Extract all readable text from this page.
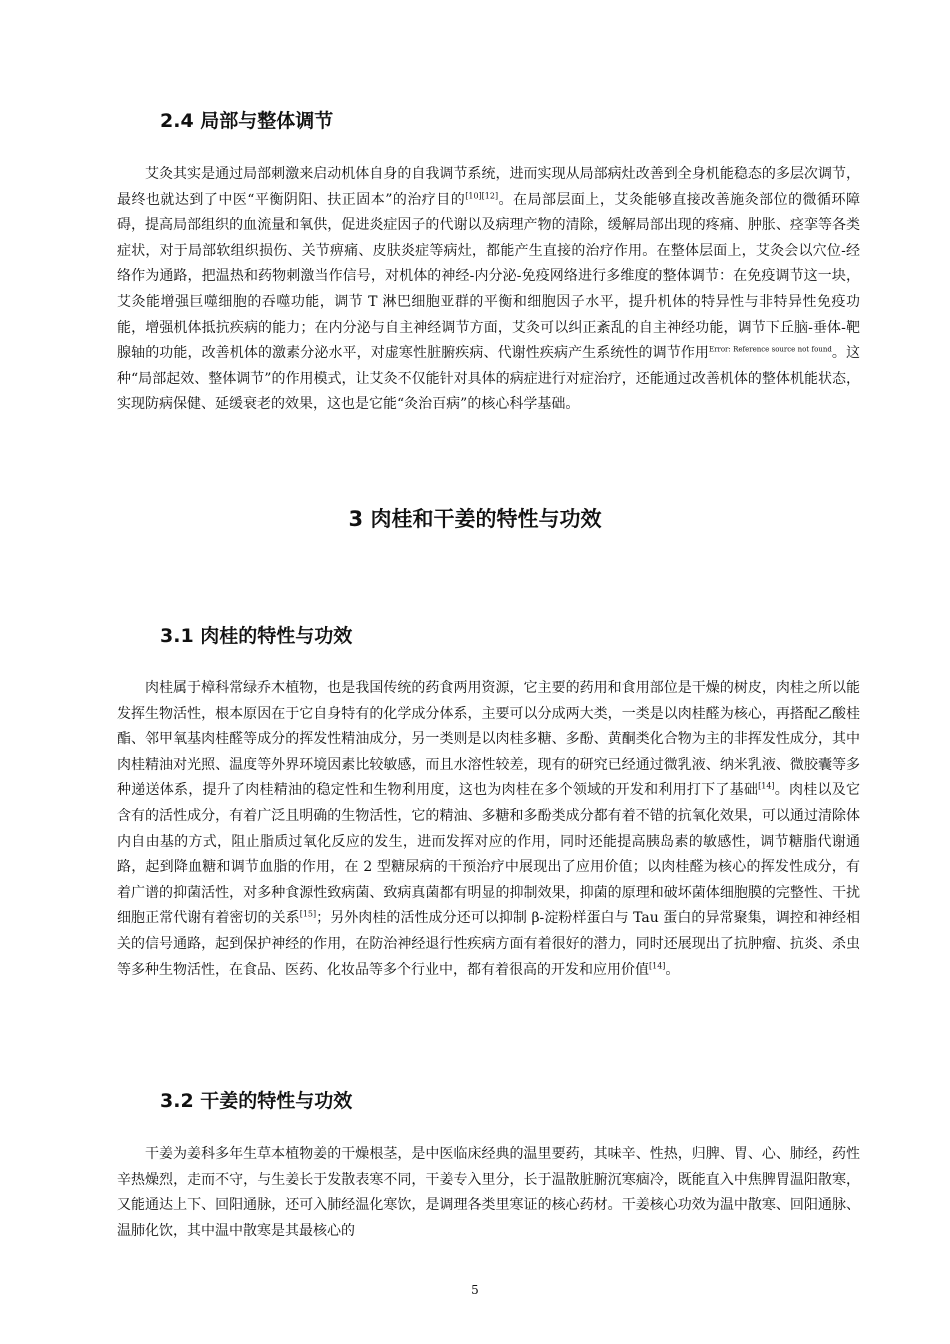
2.4 局部与整体调节

艾灸其实是通过局部刺激来启动机体自身的自我调节系统，进而实现从局部病灶改善到全身机能稳态的多层次调节，最终也就达到了中医“平衡阴阳、扶正固本”的治疗目的[10][12]。在局部层面上，艾灸能够直接改善施灸部位的微循环障碍，提高局部组织的血流量和氧供，促进炎症因子的代谢以及病理产物的清除，缓解局部出现的疼痛、肿胀、痉挛等各类症状，对于局部软组织损伤、关节痹痛、皮肤炎症等病灶，都能产生直接的治疗作用。在整体层面上，艾灸会以穴位-经络作为通路，把温热和药物刺激当作信号，对机体的神经-内分泌-免疫网络进行多维度的整体调节：在免疫调节这一块，艾灸能增强巨噬细胞的吞噬功能，调节 T 淋巴细胞亚群的平衡和细胞因子水平，提升机体的特异性与非特异性免疫功能，增强机体抵抗疾病的能力；在内分泌与自主神经调节方面，艾灸可以纠正紊乱的自主神经功能，调节下丘脑-垂体-靶腺轴的功能，改善机体的激素分泌水平，对虚寒性脏腑疾病、代谢性疾病产生系统性的调节作用$^{Error: Reference source not found}$。这种“局部起效、整体调节”的作用模式，让艾灸不仅能针对具体的病症进行对症治疗，还能通过改善机体的整体机能状态，实现防病保健、延缓衰老的效果，这也是它能“灸治百病”的核心科学基础。

3 肉桂和干姜的特性与功效
3.1 肉桂的特性与功效

肉桂属于樟科常绿乔木植物，也是我国传统的药食两用资源，它主要的药用和食用部位是干燥的树皮，肉桂之所以能发挥生物活性，根本原因在于它自身特有的化学成分体系，主要可以分成两大类，一类是以肉桂醛为核心，再搭配乙酸桂酯、邻甲氧基肉桂醛等成分的挥发性精油成分，另一类则是以肉桂多糖、多酚、黄酮类化合物为主的非挥发性成分，其中肉桂精油对光照、温度等外界环境因素比较敏感，而且水溶性较差，现有的研究已经通过微乳液、纳米乳液、微胶囊等多种递送体系，提升了肉桂精油的稳定性和生物利用度，这也为肉桂在多个领域的开发和利用打下了基础[14]。肉桂以及它含有的活性成分，有着广泛且明确的生物活性，它的精油、多糖和多酚类成分都有着不错的抗氧化效果，可以通过清除体内自由基的方式，阻止脂质过氧化反应的发生，进而发挥对应的作用，同时还能提高胰岛素的敏感性，调节糖脂代谢通路，起到降血糖和调节血脂的作用，在 2 型糖尿病的干预治疗中展现出了应用价值；以肉桂醛为核心的挥发性成分，有着广谱的抑菌活性，对多种食源性致病菌、致病真菌都有明显的抑制效果，抑菌的原理和破坏菌体细胞膜的完整性、干扰细胞正常代谢有着密切的关系[15]；另外肉桂的活性成分还可以抑制 β-淀粉样蛋白与 Tau 蛋白的异常聚集，调控和神经相关的信号通路，起到保护神经的作用，在防治神经退行性疾病方面有着很好的潜力，同时还展现出了抗肿瘤、抗炎、杀虫等多种生物活性，在食品、医药、化妆品等多个行业中，都有着很高的开发和应用价值[14]。

3.2 干姜的特性与功效

干姜为姜科多年生草本植物姜的干燥根茎，是中医临床经典的温里要药，其味辛、性热，归脾、胃、心、肺经，药性辛热燥烈，走而不守，与生姜长于发散表寒不同，干姜专入里分，长于温散脏腑沉寒痼冷，既能直入中焦脾胃温阳散寒，又能通达上下、回阳通脉，还可入肺经温化寒饮，是调理各类里寒证的核心药材。干姜核心功效为温中散寒、回阳通脉、温肺化饮，其中温中散寒是其最核心的

5
